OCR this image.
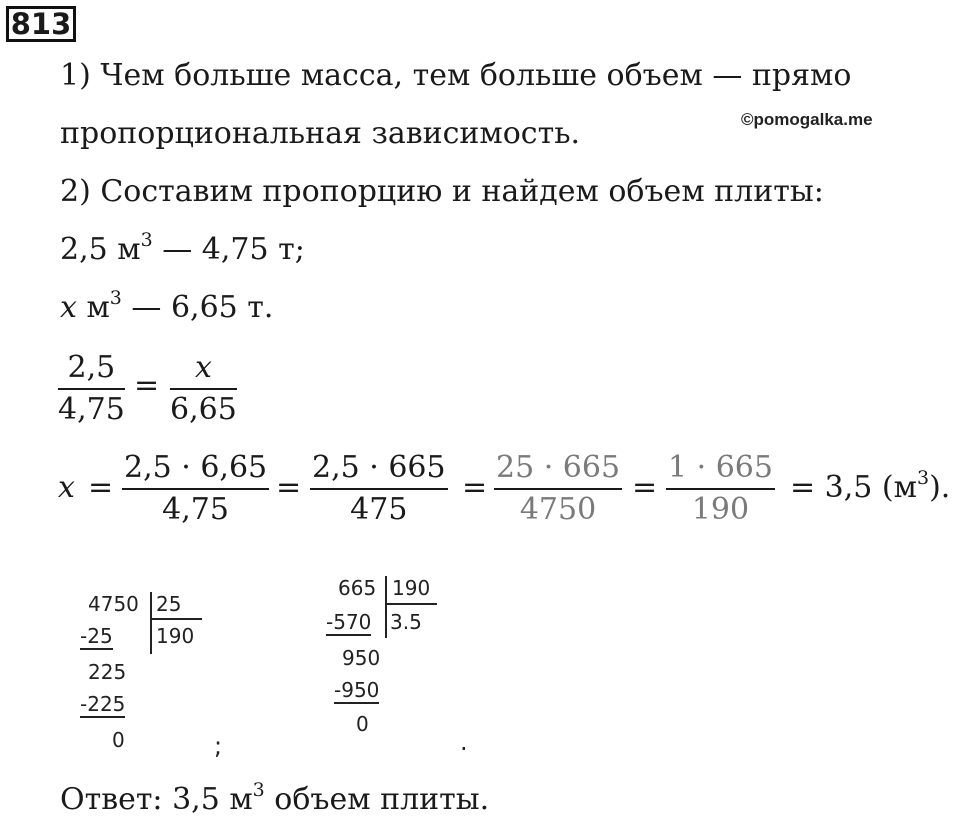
813
1) Чем больше масса, тем больше объем — прямо
пропорциональная зависимость.	©pomogalka.me
2) Составим пропорцию и найдем объем плиты:
2,5 $м^3$ — 4,75 т;
x $м^3$ — 6,65 т.
2,5
4,75
=
x
6,65
x =
2,5 · 6,65
4,75
=
2,5 · 665
475
=
25 · 665
4750
=
1 · 665
190
= 3,5 $(м^3)$.
4750 25
190
-25
225
-225
0	;
665 190
3.5
-570
950
-950
0
.
Ответ: 3,5 $м^3$ объем плиты.
